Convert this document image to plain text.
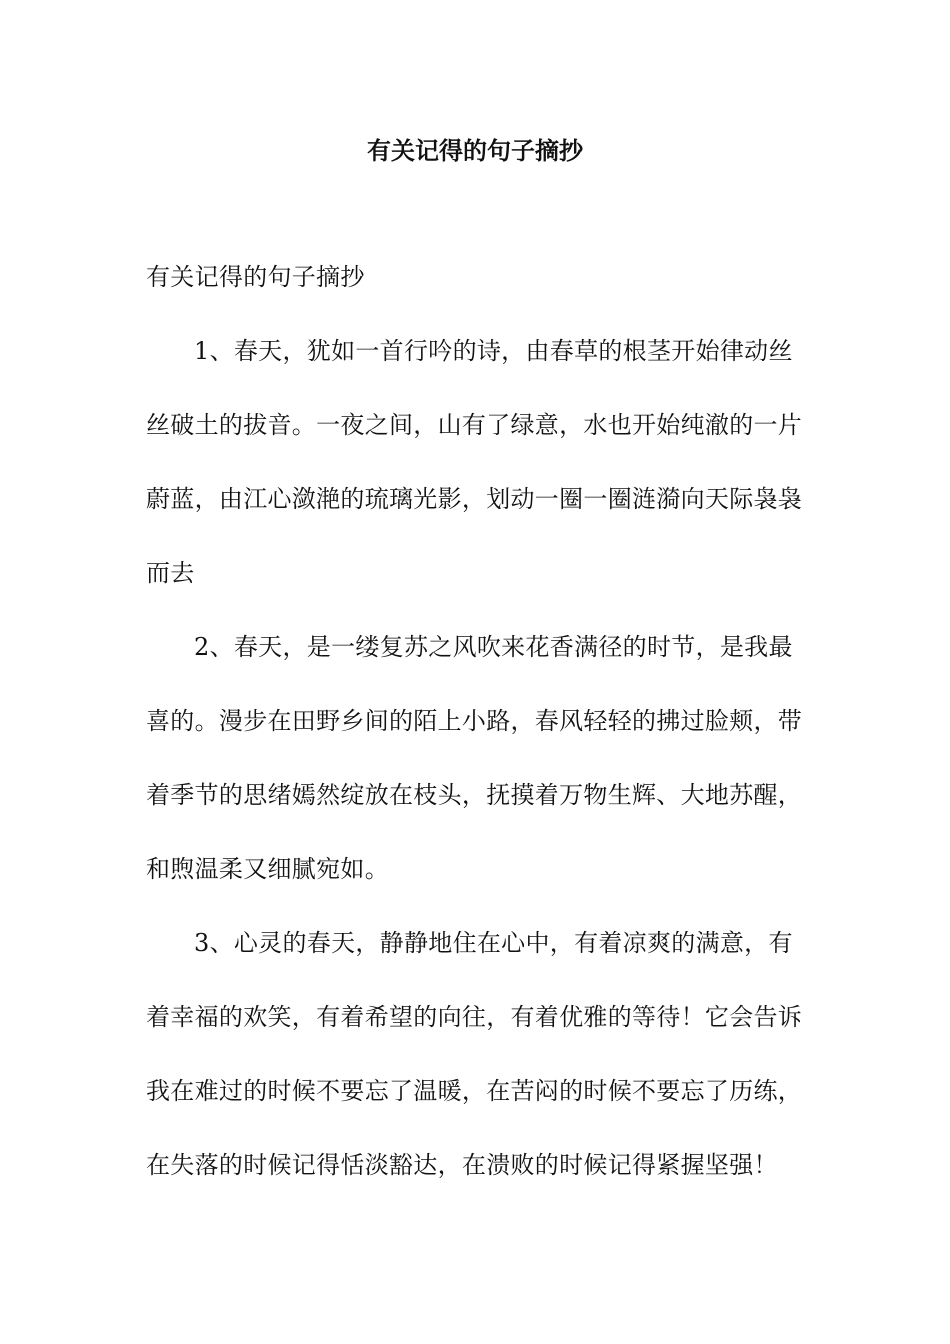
有关记得的句子摘抄

有关记得的句子摘抄

1、春天，犹如一首行吟的诗，由春草的根茎开始律动丝丝破土的拔音。一夜之间，山有了绿意，水也开始纯澈的一片蔚蓝，由江心潋滟的琉璃光影，划动一圈一圈涟漪向天际袅袅而去

2、春天，是一缕复苏之风吹来花香满径的时节，是我最喜的。漫步在田野乡间的陌上小路，春风轻轻的拂过脸颊，带着季节的思绪嫣然绽放在枝头，抚摸着万物生辉、大地苏醒，和煦温柔又细腻宛如。

3、心灵的春天，静静地住在心中，有着凉爽的满意，有着幸福的欢笑，有着希望的向往，有着优雅的等待！它会告诉我在难过的时候不要忘了温暖，在苦闷的时候不要忘了历练，在失落的时候记得恬淡豁达，在溃败的时候记得紧握坚强！
